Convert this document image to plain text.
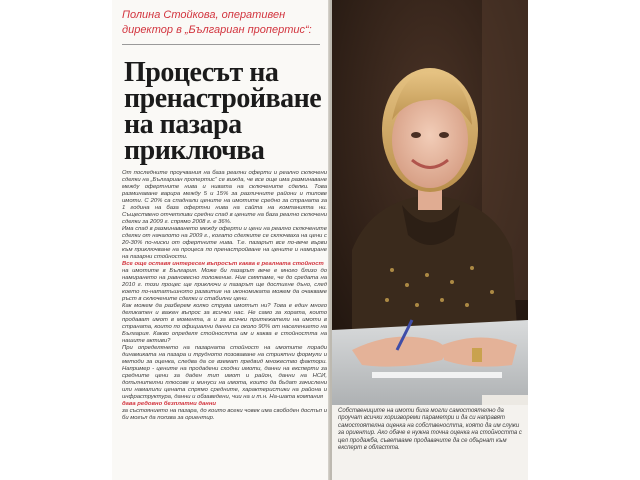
Полина Стойкова, оперативен директор в „Българиан пропертис“:
Процесът на
пренастройване
на пазара
приключва

От последните проучвания на база реални оферти и реално сключени сделки на „Българиан пропертис“ се вижда, че все още има разминаване между офертните нива и нивата на сключените сделки. Това разминаване варира между 5 и 15% за различните райони и типове имоти. С 20% са спаднали цените на имотите средно за страната за 1 година на база офертни нива на сайта на компанията ни. Съществено отчетливи средни спад в цените на база реално сключени сделки за 2009 г. спрямо 2008 г. е 36%.

Има спад в разминаването между оферти и цени на реално сключените сделки от началото на 2009 г., когато сделките се сключваха на цени с 20-30% по-ниски от офертните нива. Т.е. пазарът все по-вече върви към приключване на процеса по пренастройване на цените и намиране на пазарни стойности.

Все още оставя интересен въпросът каква е реалната стойност

на имотите в България. Може би пазарът вече е много близо до намирането на равновесно положение. Ние смятаме, че до средата на 2010 г. този процес ще приключи и пазарът ще достигне дъно, след което по-нататъшното развитие на икономиката можем да очакваме ръст в сключените сделки и стабилни цени.

Как можем да разберем колко струва имотът ни? Това е един много деликатен и важен въпрос за всички нас. Не само за хората, които продават имот в момента, а и за всички притежатели на имоти в страната, които по официални данни са около 90% от населението на България. Какво определя стойността им и каква е стойността на нашите активи?

При определянето на пазарната стойност на имотите поради динамиката на пазара и трудното позоваване на стриктни формули и методи за оценка, следва да се вземат предвид множество фактори. Например - цените на продадени сходни имоти, данни на експерти за средните цени за даден тип имот и район, данни на НСИ, допълнителни плюсове и минуси на имота, които да бъдат зачислени или намалили цената спрямо средните, характеристики на района и инфраструктура, данни и обзаведени, чии на и т.н. На-шата компания

дава редовно безплатни данни

за състоянието на пазара, до които всеки човек има свободен достъп и би могъл да ползва за ориентир.

Собствениците на имоти биха могли самостоятелно да проучат всички хоризвореми параметри и да си направят самостоятелна оценка на собствеността, която да им служи за ориентир. Ако обаче е нужна точна оценка на стойността с цел продажба, съветваме продавачите да се обърнат към експерт в областта.
